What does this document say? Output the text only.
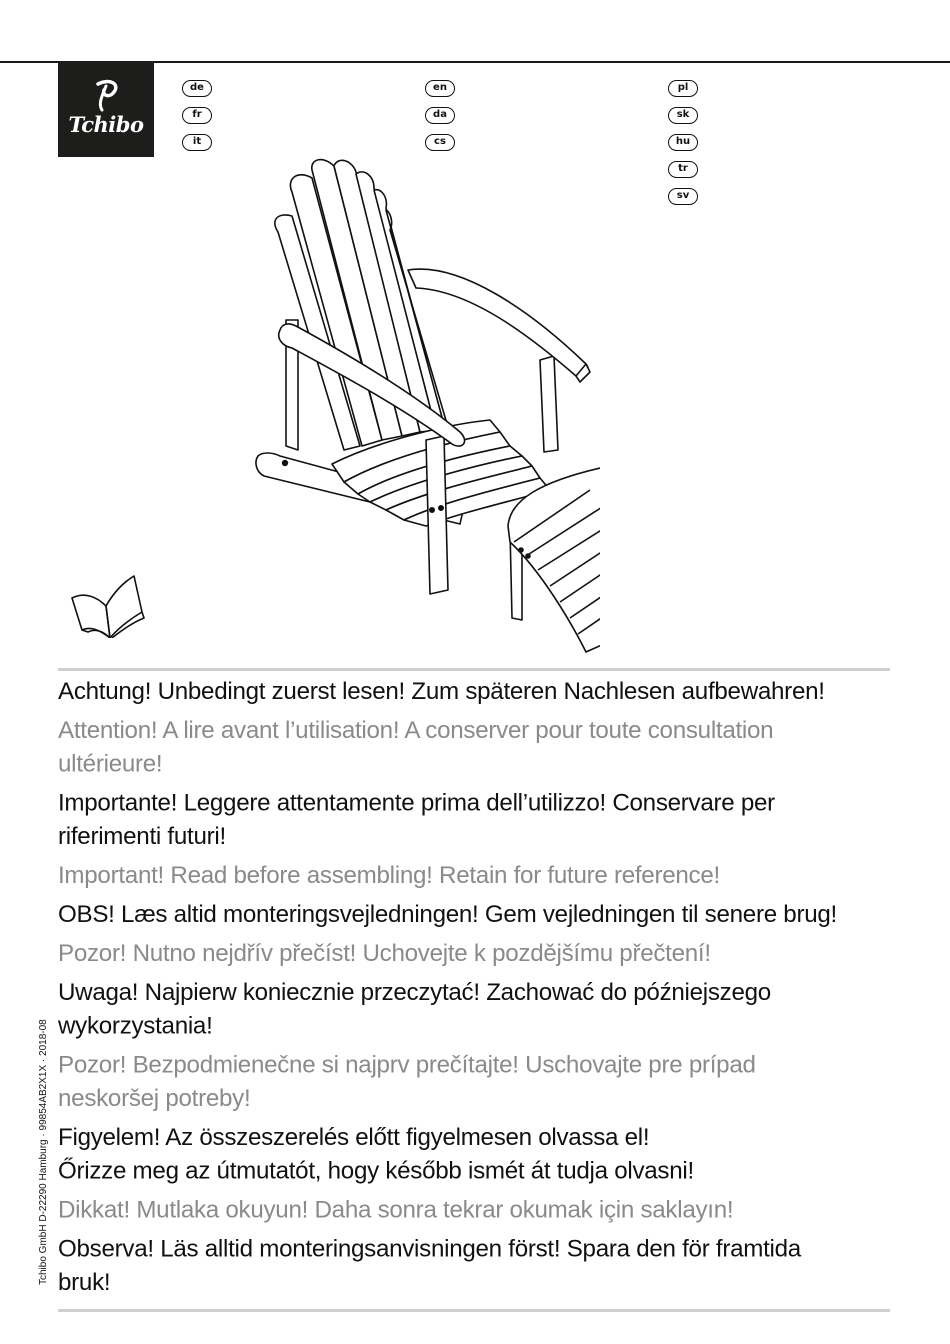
Tchibo
de
fr
it
en
da
cs
pl
sk
hu
tr
sv
Achtung! Unbedingt zuerst lesen! Zum späteren Nachlesen aufbewahren!
Attention! A lire avant l’utilisation! A conserver pour toute consultation ultérieure!
Importante! Leggere attentamente prima dell’utilizzo! Conservare per riferimenti futuri!
Important! Read before assembling! Retain for future reference!
OBS! Læs altid monteringsvejledningen! Gem vejledningen til senere brug!
Pozor! Nutno nejdřív přečíst! Uchovejte k pozdějšímu přečtení!
Uwaga! Najpierw koniecznie przeczytać! Zachować do późniejszego wykorzystania!
Pozor! Bezpodmienečne si najprv prečítajte! Uschovajte pre prípad neskoršej potreby!
Figyelem! Az összeszerelés előtt figyelmesen olvassa el!
Őrizze meg az útmutatót, hogy később ismét át tudja olvasni!
Dikkat! Mutlaka okuyun! Daha sonra tekrar okumak için saklayın!
Observa! Läs alltid monteringsanvisningen först! Spara den för framtida bruk!
Tchibo GmbH D-22290 Hamburg · 99854AB2X1X · 2018-08
